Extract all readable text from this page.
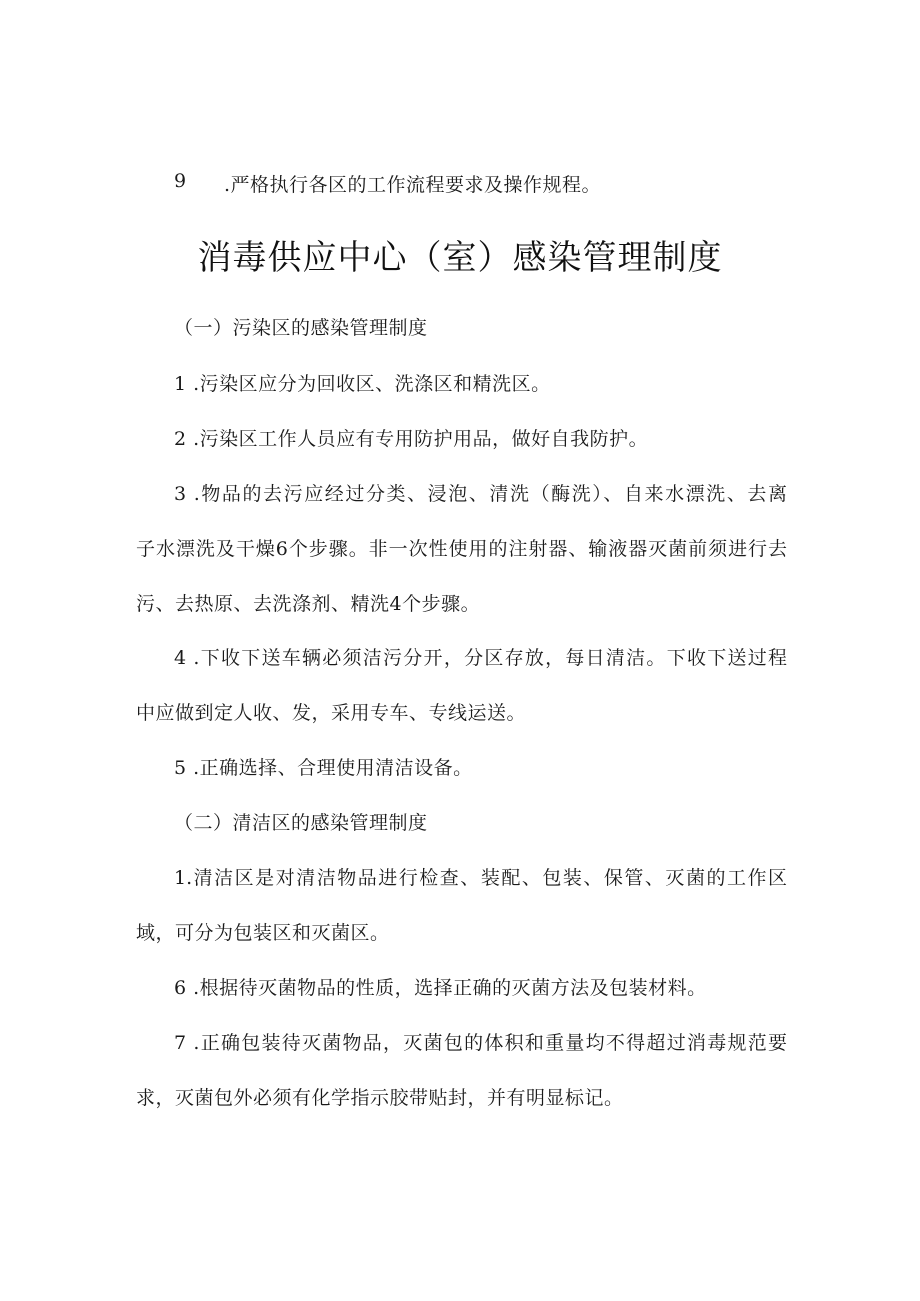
9 .严格执行各区的工作流程要求及操作规程。
消毒供应中心（室）感染管理制度
（一）污染区的感染管理制度
1 .污染区应分为回收区、洗涤区和精洗区。
2 .污染区工作人员应有专用防护用品，做好自我防护。
3 .物品的去污应经过分类、浸泡、清洗（酶洗）、自来水漂洗、去离
子水漂洗及干燥6个步骤。非一次性使用的注射器、输液器灭菌前须进行去
污、去热原、去洗涤剂、精洗4个步骤。
4 .下收下送车辆必须洁污分开，分区存放，每日清洁。下收下送过程
中应做到定人收、发，采用专车、专线运送。
5 .正确选择、合理使用清洁设备。
（二）清洁区的感染管理制度
1.清洁区是对清洁物品进行检查、装配、包装、保管、灭菌的工作区
域，可分为包装区和灭菌区。
6 .根据待灭菌物品的性质，选择正确的灭菌方法及包装材料。
7 .正确包装待灭菌物品，灭菌包的体积和重量均不得超过消毒规范要
求，灭菌包外必须有化学指示胶带贴封，并有明显标记。
